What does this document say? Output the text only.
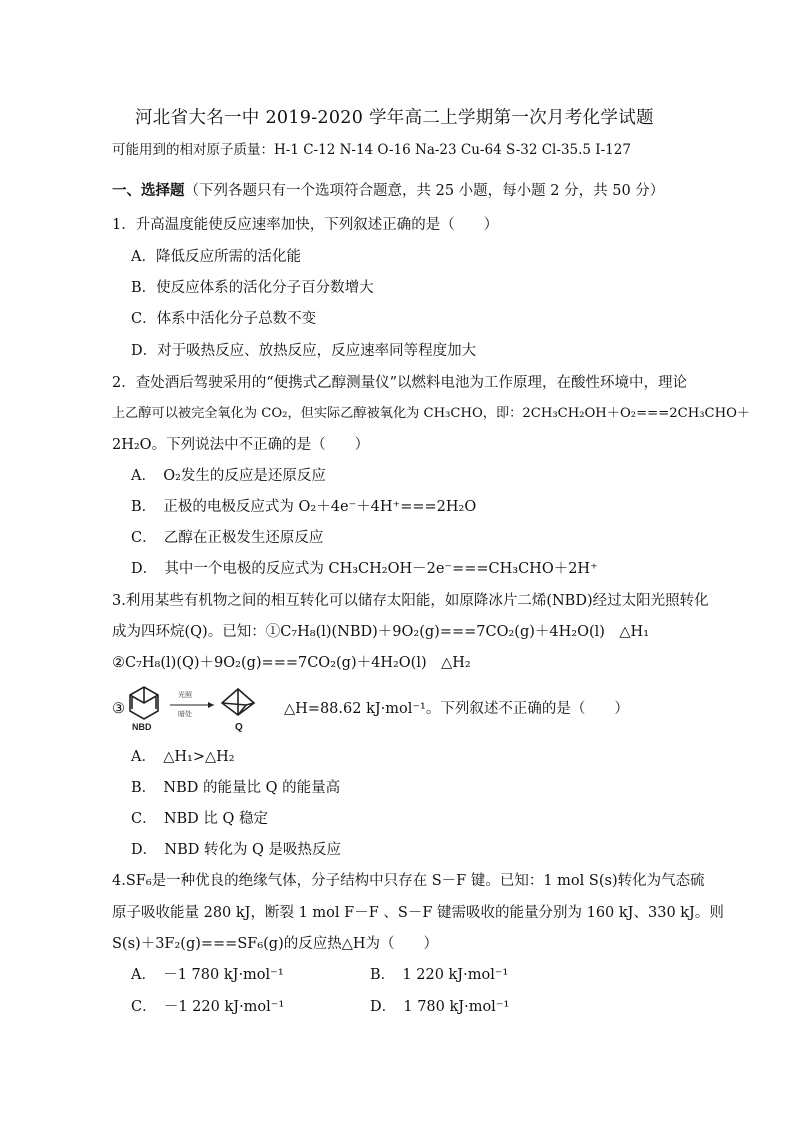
河北省大名一中 2019-2020 学年高二上学期第一次月考化学试题
可能用到的相对原子质量：H-1 C-12 N-14 O-16 Na-23 Cu-64 S-32 Cl-35.5 I-127
一、选择题（下列各题只有一个选项符合题意，共 25 小题，每小题 2 分，共 50 分）
1．升高温度能使反应速率加快，下列叙述正确的是（　　）
A．降低反应所需的活化能
B．使反应体系的活化分子百分数增大
C．体系中活化分子总数不变
D．对于吸热反应、放热反应，反应速率同等程度加大
2．查处酒后驾驶采用的“便携式乙醇测量仪”以燃料电池为工作原理，在酸性环境中，理论
上乙醇可以被完全氧化为 CO₂，但实际乙醇被氧化为 CH₃CHO，即：2CH₃CH₂OH＋O₂===2CH₃CHO＋
2H₂O。下列说法中不正确的是（　　）
A．　O₂发生的反应是还原反应
B．　正极的电极反应式为 O₂＋4e⁻＋4H⁺===2H₂O
C．　乙醇在正极发生还原反应
D．　其中一个电极的反应式为 CH₃CH₂OH－2e⁻===CH₃CHO＋2H⁺
3.利用某些有机物之间的相互转化可以储存太阳能，如原降冰片二烯(NBD)经过太阳光照转化
成为四环烷(Q)。已知：①C₇H₈(l)(NBD)＋9O₂(g)===7CO₂(g)＋4H₂O(l)　△H₁
②C₇H₈(l)(Q)＋9O₂(g)===7CO₂(g)＋4H₂O(l)　△H₂
③
NBD
光照
暗处
Q
△H=88.62 kJ·mol⁻¹。下列叙述不正确的是（　　）
A．　△H₁>△H₂
B．　NBD 的能量比 Q 的能量高
C．　NBD 比 Q 稳定
D．　NBD 转化为 Q 是吸热反应
4.SF₆是一种优良的绝缘气体，分子结构中只存在 S－F 键。已知：1 mol S(s)转化为气态硫
原子吸收能量 280 kJ，断裂 1 mol F－F 、S－F 键需吸收的能量分别为 160 kJ、330 kJ。则
S(s)＋3F₂(g)===SF₆(g)的反应热△H为（　　）
A．　－1 780 kJ·mol⁻¹	B．　1 220 kJ·mol⁻¹
C．　－1 220 kJ·mol⁻¹	D．　1 780 kJ·mol⁻¹
